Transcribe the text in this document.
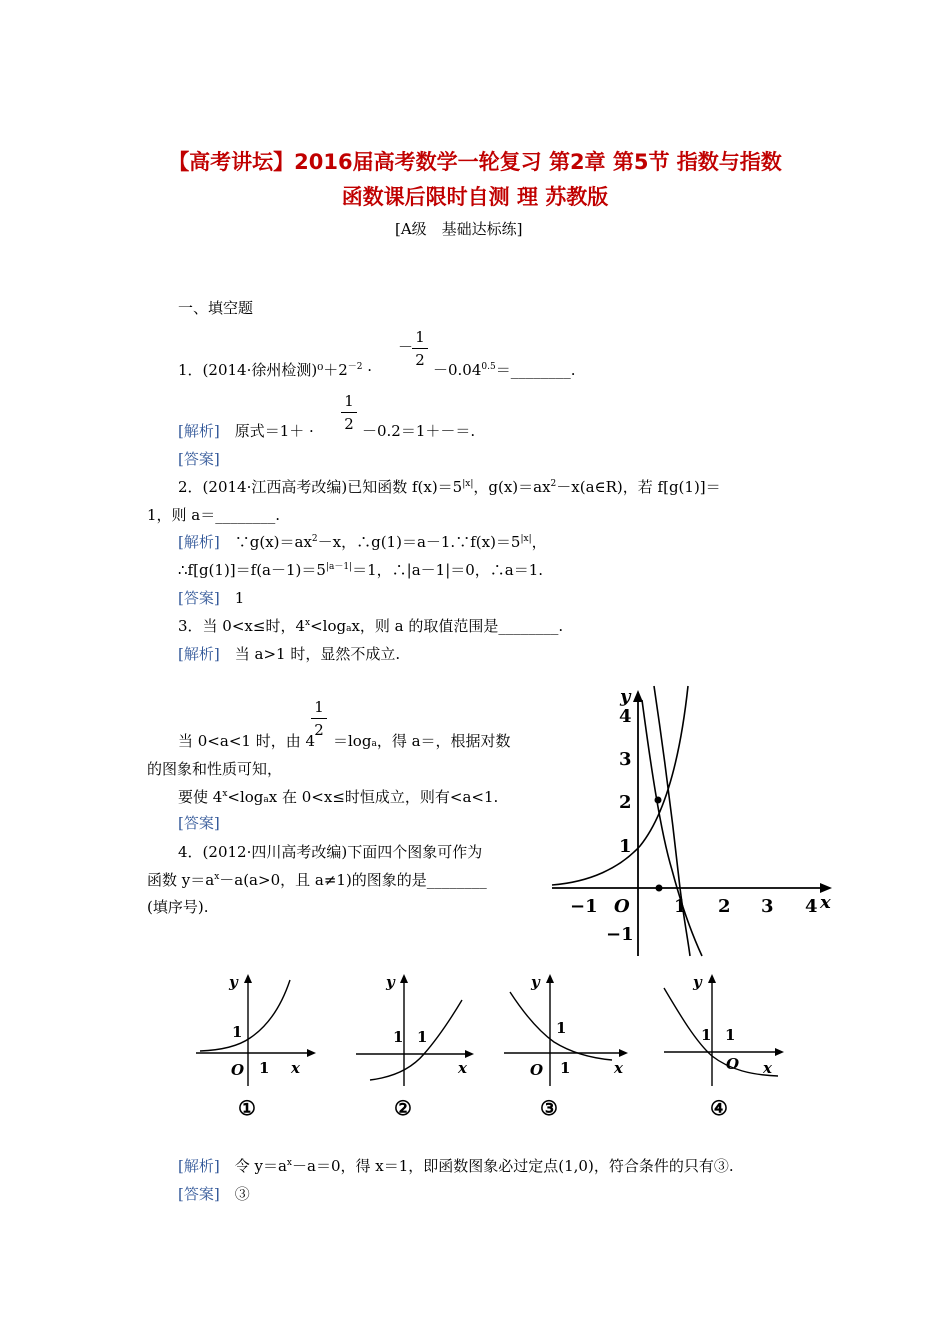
【高考讲坛】2016届高考数学一轮复习 第2章 第5节 指数与指数
函数课后限时自测 理 苏教版
[A级　基础达标练]
一、填空题
1．(2014·徐州检测)$^0+2^{-2}$ ·
－
1
2
$-0.04^{0.5}=\_\_\_\_\_\_\_\_$.
1
2
[解析]　 原式＝1＋ ·	－0.2＝1＋－＝.
[答案]
2．(2014·江西高考改编)已知函数 $f(x)=5^{|x|}$，$g(x)=ax^2-x(a\in R)$，若 f[g(1)]＝
1，则 a＝________.
[解析]　 $\because g(x)=ax^2-x$，$\therefore g(1)=a-1.\because f(x)=5^{|x|}$，
$\therefore f[g(1)]=f(a-1)=5^{|a-1|}=1$，∴|a－1|＝0，∴a＝1.
[答案]　 1
3．当 0<x≤时，$4^x<logax$，则 a 的取值范围是________.
[解析]　 当 a>1 时，显然不成立.
1
2
当 0<a<1 时，由 4 ＝loga，得 a＝，根据对数
的图象和性质可知，
要使 $4^x<logax$ 在 0<x≤时恒成立，则有<a<1.
[答案]
4．(2012·四川高考改编)下面四个图象可作为
函数 $y=a^x-a(a>0$，且 a≠1)的图象的是________
(填序号).
y
x
O
−1	1 2 3 4
4
3
2
1
−1
y
x
O
1
1
①
y
x
1 1
②
y
x
O
1
1
③
y
x
O
1 1
④
[解析]　 令 $y=a^x-a=0$，得 x＝1，即函数图象必过定点(1,0)，符合条件的只有③.
[答案]　 ③
